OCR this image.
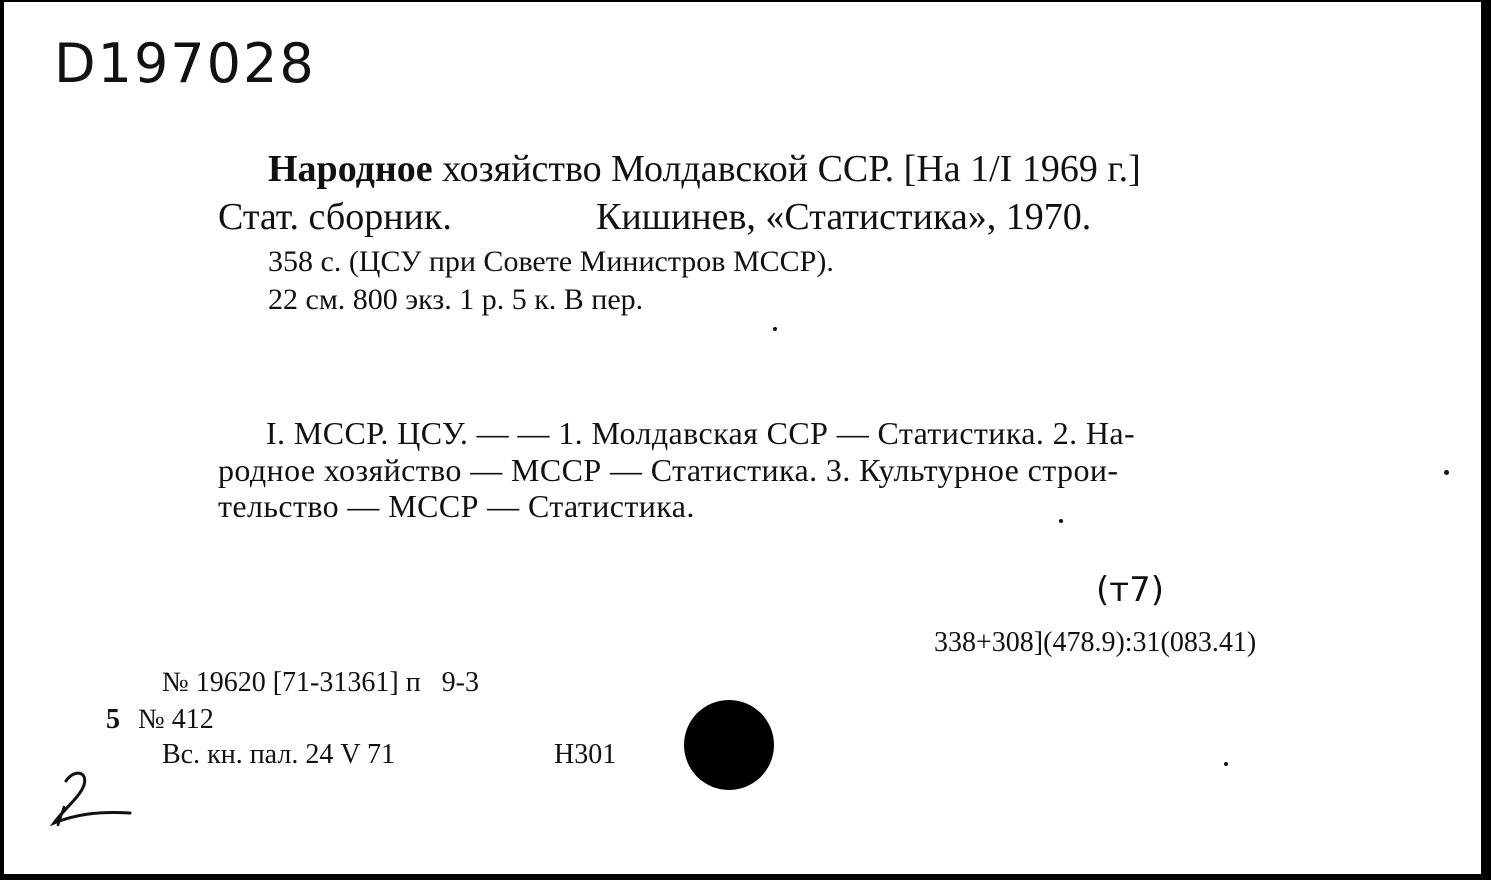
D197028
Народное хозяйство Молдавской ССР. [На 1/I 1969 г.]
Стат. сборник.	Кишинев, «Статистика», 1970.
358 с. (ЦСУ при Совете Министров МССР).
22 см. 800 экз. 1 р. 5 к. В пер.
I. МССР. ЦСУ. — — 1. Молдавская ССР — Статистика. 2. На-
родное хозяйство — МССР — Статистика. 3. Культурное строи-
тельство — МССР — Статистика.
(т7)
338+308](478.9):31(083.41)
№ 19620 [71-31361] п   9-3
5 № 412
Вс. кн. пал. 24 V 71	Н301
